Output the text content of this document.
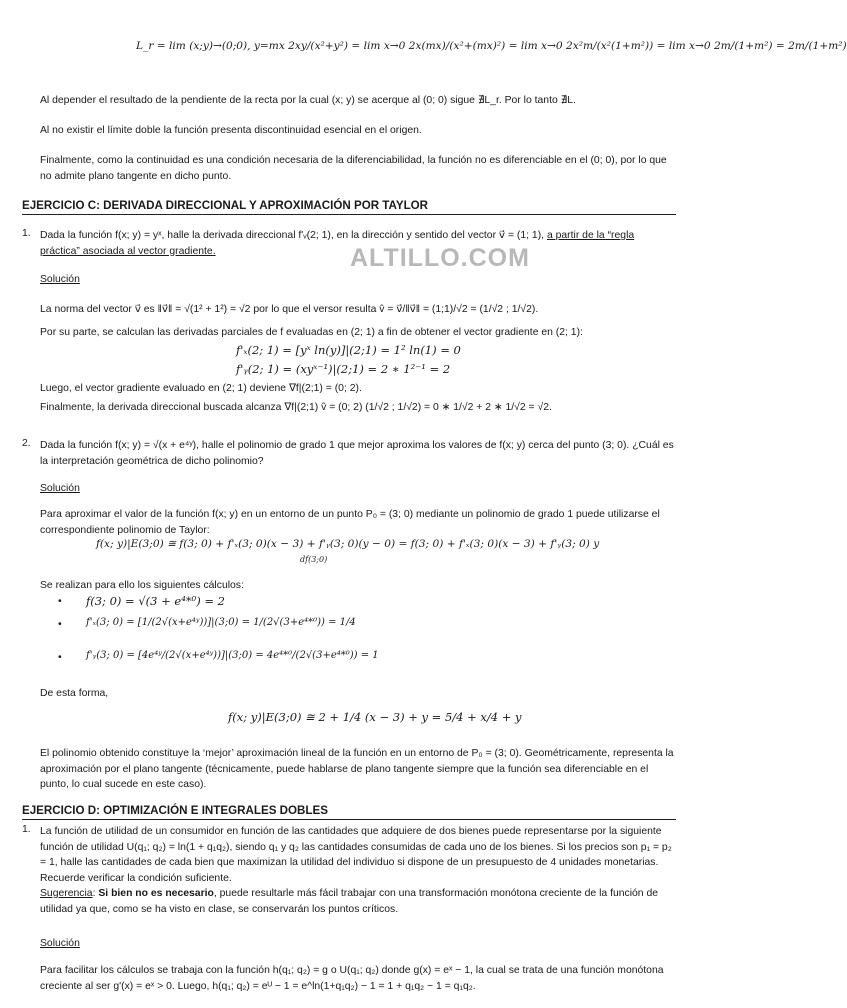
L_r = lim (x;y)→(0;0), y=mx 2xy/(x²+y²) = lim x→0 2x(mx)/(x²+(mx)²) = lim x→0 2x²m/(x²(1+m²)) = lim x→0 2m/(1+m²) = 2m/(1+m²)

Al depender el resultado de la pendiente de la recta por la cual (x; y) se acerque al (0; 0) sigue ∄L_r. Por lo tanto ∄L.

Al no existir el límite doble la función presenta discontinuidad esencial en el origen.

Finalmente, como la continuidad es una condición necesaria de la diferenciabilidad, la función no es diferenciable en el (0; 0), por lo que no admite plano tangente en dicho punto.

EJERCICIO C: DERIVADA DIRECCIONAL Y APROXIMACIÓN POR TAYLOR
1. Dada la función f(x; y) = yˣ, halle la derivada direccional f'ᵥ(2; 1), en la dirección y sentido del vector v⃗ = (1; 1), a partir de la “regla práctica” asociada al vector gradiente.	ALTILLO.COM

Solución

La norma del vector v⃗ es ‖v⃗‖ = √(1² + 1²) = √2 por lo que el versor resulta v̂ = v⃗/‖v⃗‖ = (1;1)/√2 = (1/√2 ; 1/√2).

Por su parte, se calculan las derivadas parciales de f evaluadas en (2; 1) a fin de obtener el vector gradiente en (2; 1):

f'ₓ(2; 1) = [yˣ ln(y)]|(2;1) = 1² ln(1) = 0
f'ᵧ(2; 1) = (xyˣ⁻¹)|(2;1) = 2 ∗ 1²⁻¹ = 2

Luego, el vector gradiente evaluado en (2; 1) deviene ∇f|(2;1) = (0; 2).

Finalmente, la derivada direccional buscada alcanza ∇f|(2;1) v̂ = (0; 2) (1/√2 ; 1/√2) = 0 ∗ 1/√2 + 2 ∗ 1/√2 = √2.

2. Dada la función f(x; y) = √(x + e⁴ʸ), halle el polinomio de grado 1 que mejor aproxima los valores de f(x; y) cerca del punto (3; 0). ¿Cuál es la interpretación geométrica de dicho polinomio?

Solución

Para aproximar el valor de la función f(x; y) en un entorno de un punto P₀ = (3; 0) mediante un polinomio de grado 1 puede utilizarse el correspondiente polinomio de Taylor:

f(x; y)|E(3;0) ≅ f(3; 0) + f'ₓ(3; 0)(x − 3) + f'ᵧ(3; 0)(y − 0) = f(3; 0) + f'ₓ(3; 0)(x − 3) + f'ᵧ(3; 0) y
df(3;0)

Se realizan para ello los siguientes cálculos:

• f(3; 0) = √(3 + e⁴*⁰) = 2
• f'ₓ(3; 0) = [1/(2√(x+e⁴ʸ))]|(3;0) = 1/(2√(3+e⁴*⁰)) = 1/4
• f'ᵧ(3; 0) = [4e⁴ʸ/(2√(x+e⁴ʸ))]|(3;0) = 4e⁴*⁰/(2√(3+e⁴*⁰)) = 1

De esta forma,

f(x; y)|E(3;0) ≅ 2 + 1/4 (x − 3) + y = 5/4 + x/4 + y

El polinomio obtenido constituye la ‘mejor’ aproximación lineal de la función en un entorno de P₀ = (3; 0). Geométricamente, representa la aproximación por el plano tangente (técnicamente, puede hablarse de plano tangente siempre que la función sea diferenciable en el punto, lo cual sucede en este caso).

EJERCICIO D: OPTIMIZACIÓN E INTEGRALES DOBLES
1. La función de utilidad de un consumidor en función de las cantidades que adquiere de dos bienes puede representarse por la siguiente función de utilidad U(q₁; q₂) = ln(1 + q₁q₂), siendo q₁ y q₂ las cantidades consumidas de cada uno de los bienes. Si los precios son p₁ = p₂ = 1, halle las cantidades de cada bien que maximizan la utilidad del individuo si dispone de un presupuesto de 4 unidades monetarias. Recuerde verificar la condición suficiente.

Sugerencia: Si bien no es necesario, puede resultarle más fácil trabajar con una transformación monótona creciente de la función de utilidad ya que, como se ha visto en clase, se conservarán los puntos críticos.

Solución

Para facilitar los cálculos se trabaja con la función h(q₁; q₂) = g o U(q₁; q₂) donde g(x) = eˣ − 1, la cual se trata de una función monótona creciente al ser g'(x) = eˣ > 0. Luego, h(q₁; q₂) = eᵁ − 1 = e^ln(1+q₁q₂) − 1 = 1 + q₁q₂ − 1 = q₁q₂.
